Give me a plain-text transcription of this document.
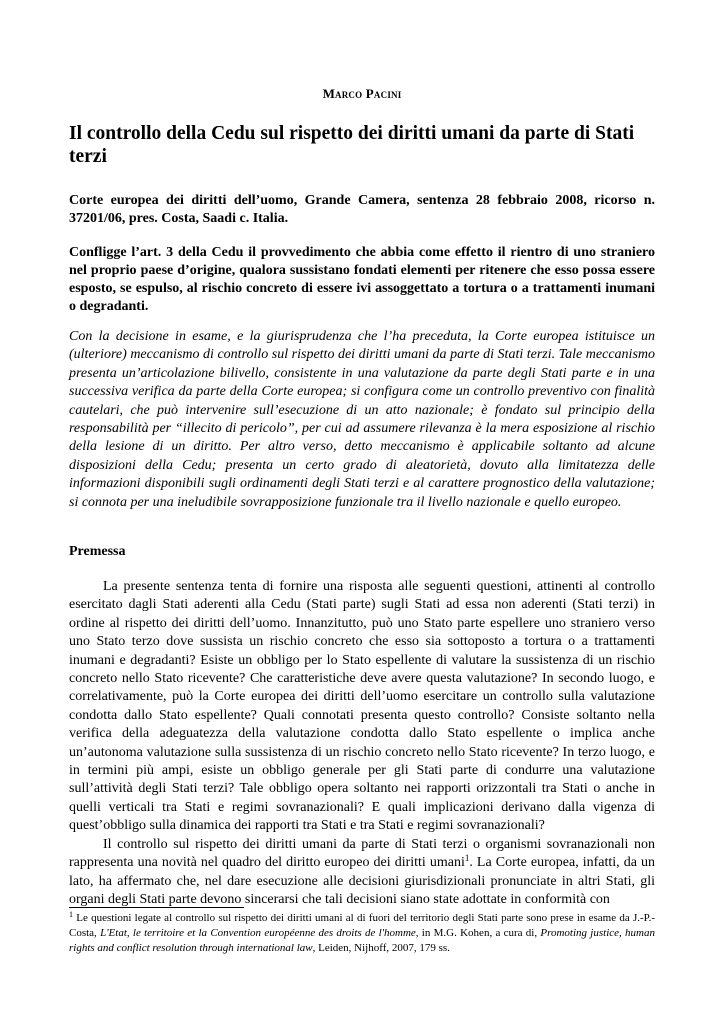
Marco Pacini
Il controllo della Cedu sul rispetto dei diritti umani da parte di Stati terzi
Corte europea dei diritti dell’uomo, Grande Camera, sentenza 28 febbraio 2008, ricorso n. 37201/06, pres. Costa, Saadi c. Italia.
Confligge l’art. 3 della Cedu il provvedimento che abbia come effetto il rientro di uno straniero nel proprio paese d’origine, qualora sussistano fondati elementi per ritenere che esso possa essere esposto, se espulso, al rischio concreto di essere ivi assoggettato a tortura o a trattamenti inumani o degradanti.
Con la decisione in esame, e la giurisprudenza che l’ha preceduta, la Corte europea istituisce un (ulteriore) meccanismo di controllo sul rispetto dei diritti umani da parte di Stati terzi. Tale meccanismo presenta un’articolazione bilivello, consistente in una valutazione da parte degli Stati parte e in una successiva verifica da parte della Corte europea; si configura come un controllo preventivo con finalità cautelari, che può intervenire sull’esecuzione di un atto nazionale; è fondato sul principio della responsabilità per “illecito di pericolo”, per cui ad assumere rilevanza è la mera esposizione al rischio della lesione di un diritto. Per altro verso, detto meccanismo è applicabile soltanto ad alcune disposizioni della Cedu; presenta un certo grado di aleatorietà, dovuto alla limitatezza delle informazioni disponibili sugli ordinamenti degli Stati terzi e al carattere prognostico della valutazione; si connota per una ineludibile sovrapposizione funzionale tra il livello nazionale e quello europeo.
Premessa

La presente sentenza tenta di fornire una risposta alle seguenti questioni, attinenti al controllo esercitato dagli Stati aderenti alla Cedu (Stati parte) sugli Stati ad essa non aderenti (Stati terzi) in ordine al rispetto dei diritti dell’uomo. Innanzitutto, può uno Stato parte espellere uno straniero verso uno Stato terzo dove sussista un rischio concreto che esso sia sottoposto a tortura o a trattamenti inumani e degradanti? Esiste un obbligo per lo Stato espellente di valutare la sussistenza di un rischio concreto nello Stato ricevente? Che caratteristiche deve avere questa valutazione? In secondo luogo, e correlativamente, può la Corte europea dei diritti dell’uomo esercitare un controllo sulla valutazione condotta dallo Stato espellente? Quali connotati presenta questo controllo? Consiste soltanto nella verifica della adeguatezza della valutazione condotta dallo Stato espellente o implica anche un’autonoma valutazione sulla sussistenza di un rischio concreto nello Stato ricevente? In terzo luogo, e in termini più ampi, esiste un obbligo generale per gli Stati parte di condurre una valutazione sull’attività degli Stati terzi? Tale obbligo opera soltanto nei rapporti orizzontali tra Stati o anche in quelli verticali tra Stati e regimi sovranazionali? E quali implicazioni derivano dalla vigenza di quest’obbligo sulla dinamica dei rapporti tra Stati e tra Stati e regimi sovranazionali?

Il controllo sul rispetto dei diritti umani da parte di Stati terzi o organismi sovranazionali non rappresenta una novità nel quadro del diritto europeo dei diritti umani$^1$. La Corte europea, infatti, da un lato, ha affermato che, nel dare esecuzione alle decisioni giurisdizionali pronunciate in altri Stati, gli organi degli Stati parte devono sincerarsi che tali decisioni siano state adottate in conformità con

$^1$ Le questioni legate al controllo sul rispetto dei diritti umani al di fuori del territorio degli Stati parte sono prese in esame da J.-P.- Costa, L'Etat, le territoire et la Convention européenne des droits de l'homme, in M.G. Kohen, a cura di, Promoting justice, human rights and conflict resolution through international law, Leiden, Nijhoff, 2007, 179 ss.
